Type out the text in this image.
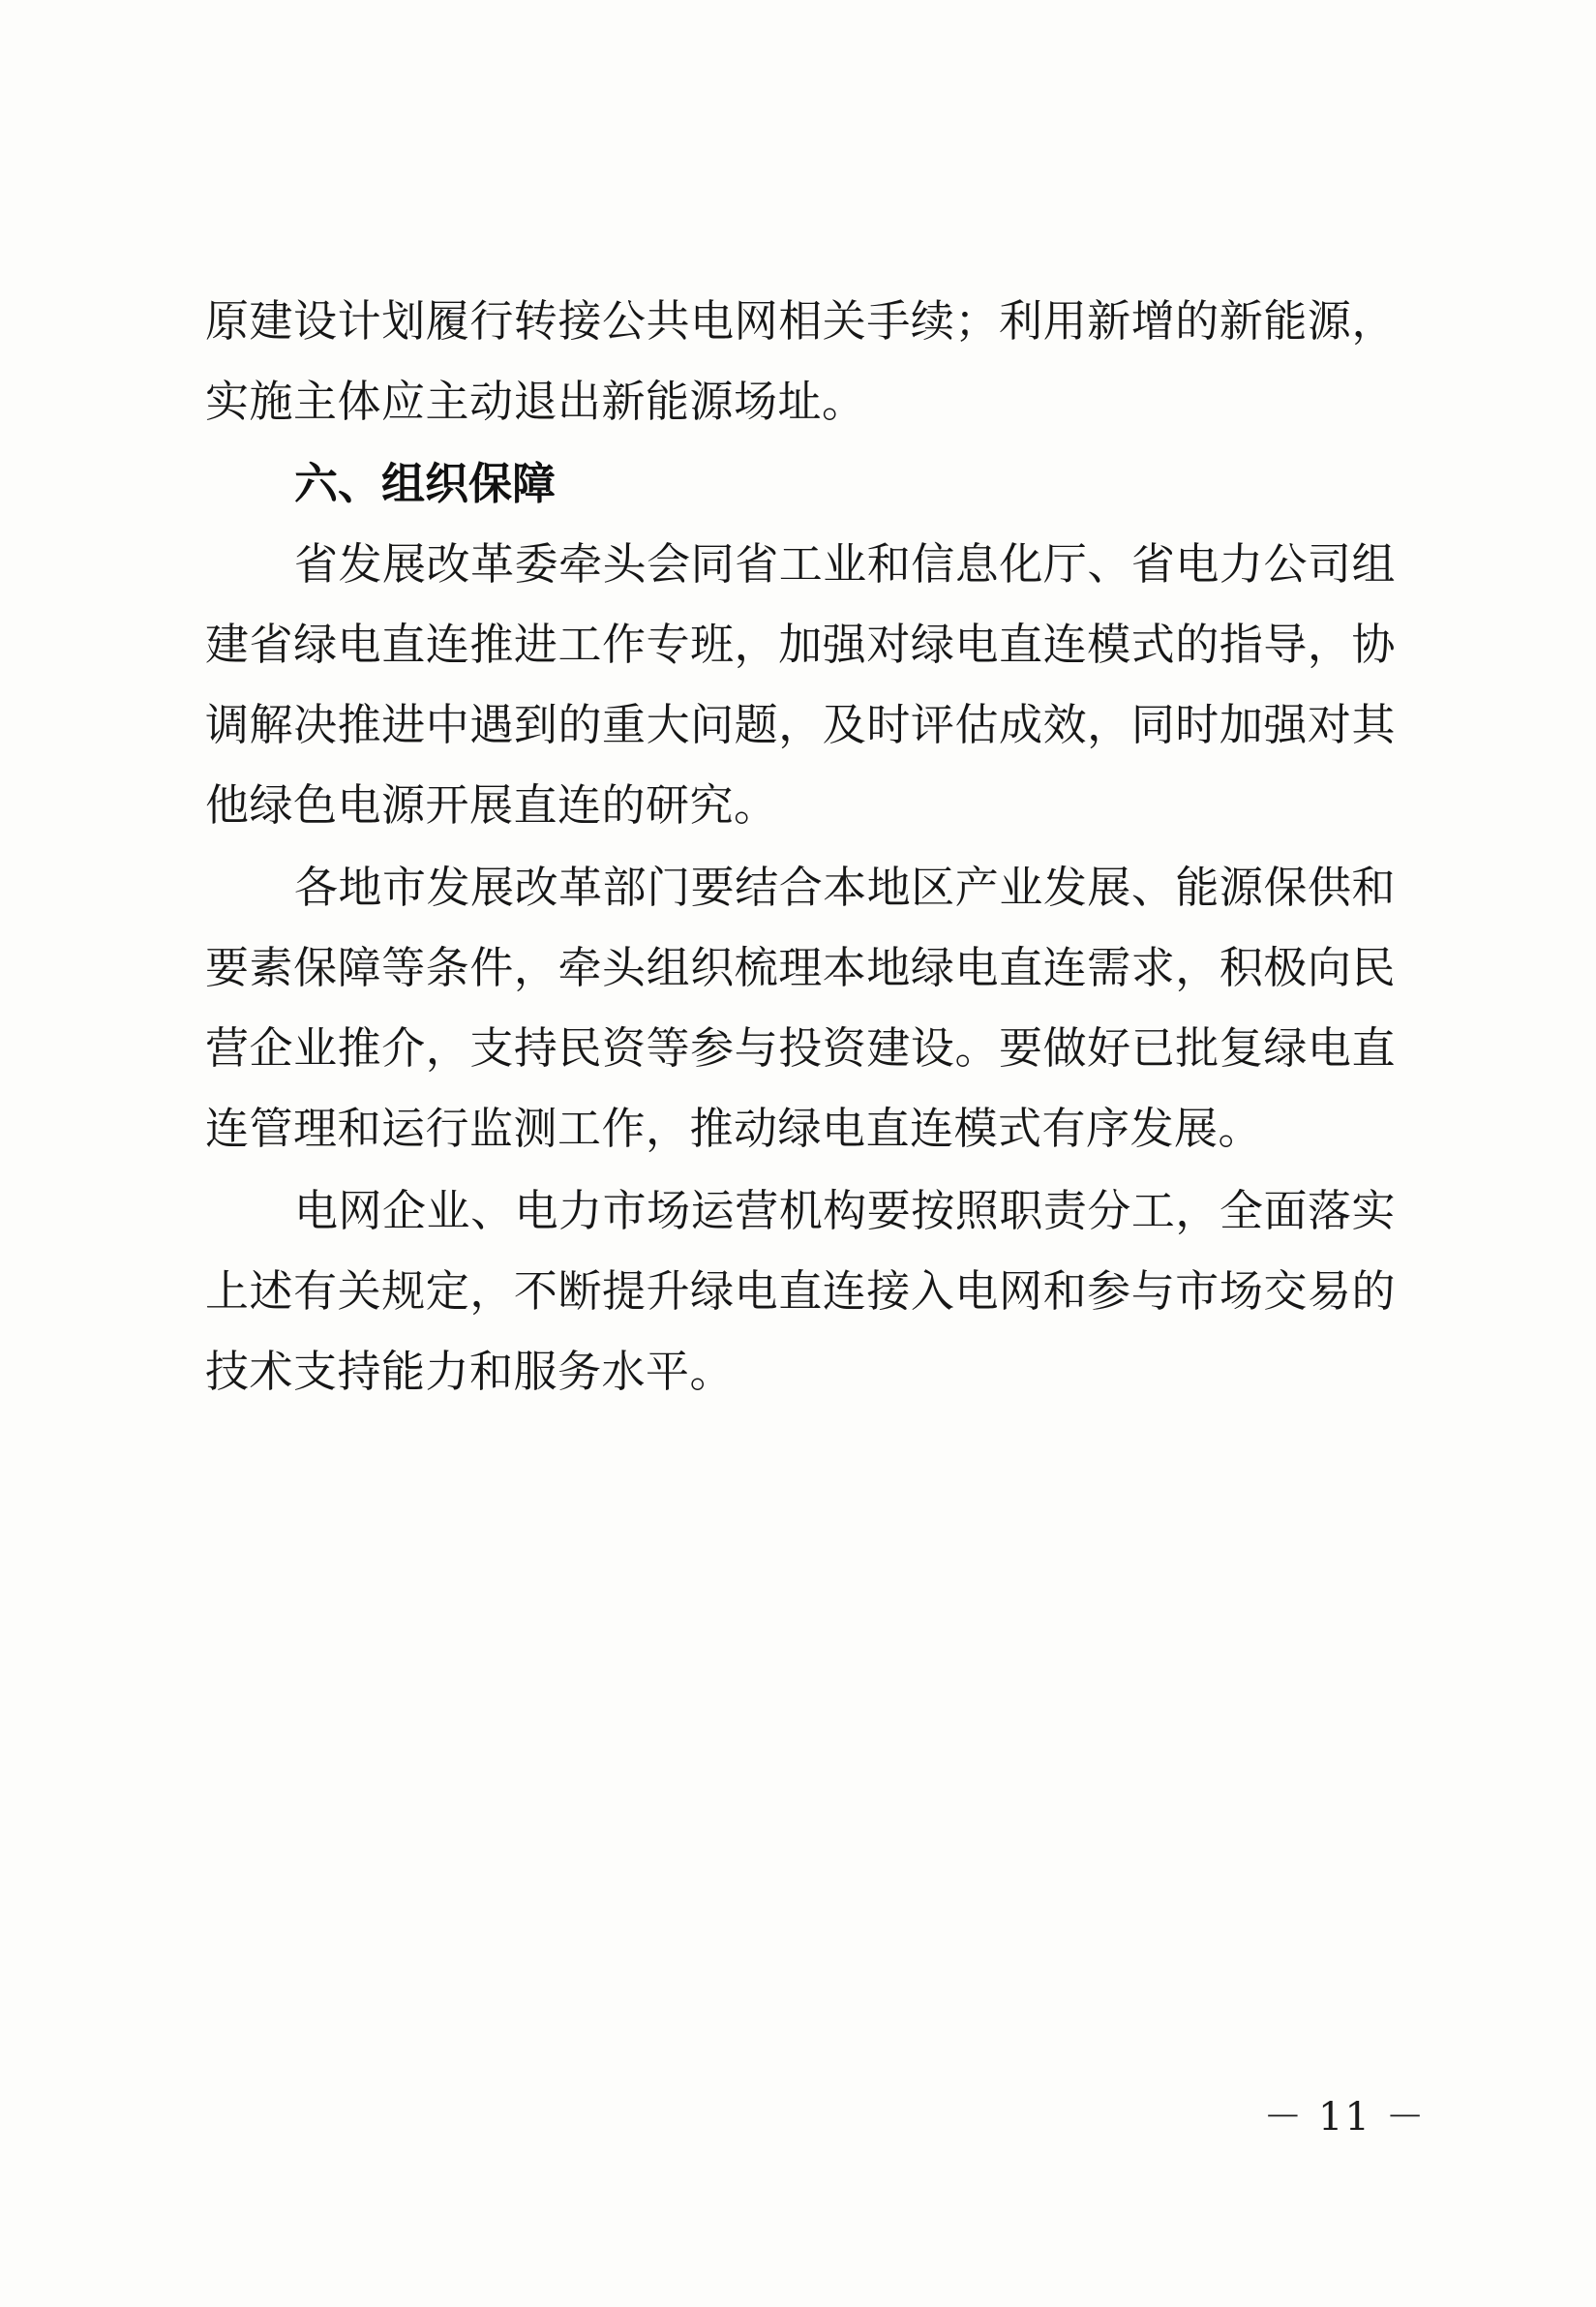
原建设计划履行转接公共电网相关手续；利用新增的新能源，实施主体应主动退出新能源场址。

六、组织保障

省发展改革委牵头会同省工业和信息化厅、省电力公司组建省绿电直连推进工作专班，加强对绿电直连模式的指导，协调解决推进中遇到的重大问题，及时评估成效，同时加强对其他绿色电源开展直连的研究。

各地市发展改革部门要结合本地区产业发展、能源保供和要素保障等条件，牵头组织梳理本地绿电直连需求，积极向民营企业推介，支持民资等参与投资建设。要做好已批复绿电直连管理和运行监测工作，推动绿电直连模式有序发展。

电网企业、电力市场运营机构要按照职责分工，全面落实上述有关规定，不断提升绿电直连接入电网和参与市场交易的技术支持能力和服务水平。

－ 11 －
